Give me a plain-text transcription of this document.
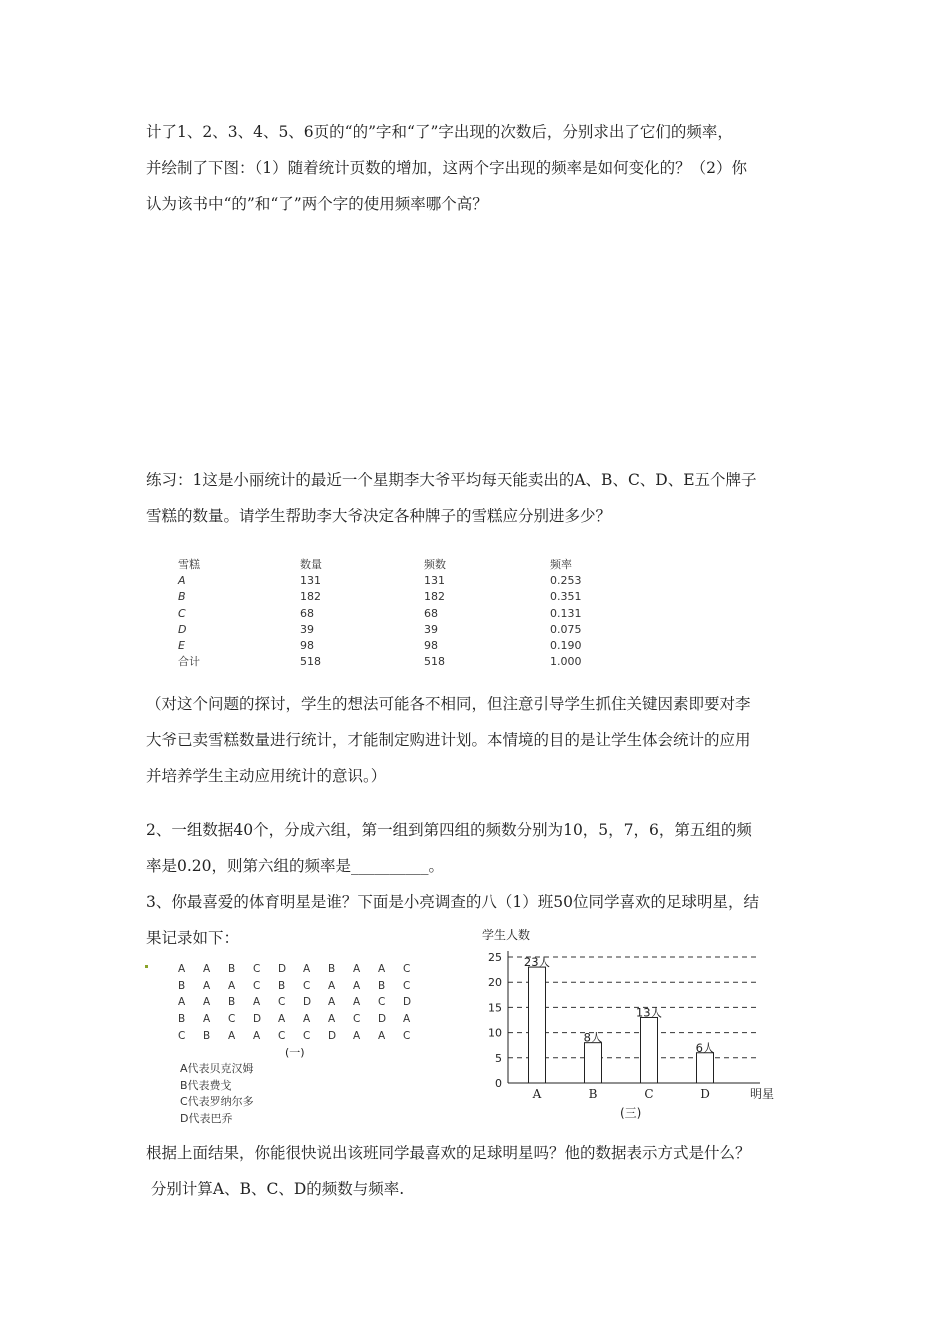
计了1、2、3、4、5、6页的“的”字和“了”字出现的次数后，分别求出了它们的频率，
并绘制了下图：（1）随着统计页数的增加，这两个字出现的频率是如何变化的？（2）你
认为该书中“的”和“了”两个字的使用频率哪个高？
练习：1这是小丽统计的最近一个星期李大爷平均每天能卖出的A、B、C、D、E五个牌子
雪糕的数量。请学生帮助李大爷决定各种牌子的雪糕应分别进多少？
雪糕	数量	频数	频率
A	131	131	0.253
B	182	182	0.351
C	68	68	0.131
D	39	39	0.075
E	98	98	0.190
合计	518	518	1.000
（对这个问题的探讨，学生的想法可能各不相同，但注意引导学生抓住关键因素即要对李
大爷已卖雪糕数量进行统计，才能制定购进计划。本情境的目的是让学生体会统计的应用
并培养学生主动应用统计的意识。）
2、一组数据40个，分成六组，第一组到第四组的频数分别为10，5，7，6，第五组的频
率是0.20，则第六组的频率是__________。
3、你最喜爱的体育明星是谁？下面是小亮调查的八（1）班50位同学喜欢的足球明星，结
果记录如下：
A	A	B	C	D	A	B	A	A	C
B	A	A	C	B	C	A	A	B	C
A	A	B	A	C	D	A	A	C	D
B	A	C	D	A	A	A	C	D	A
C	B	A	A	C	C	D	A	A	C
(一)
A代表贝克汉姆
B代表费戈
C代表罗纳尔多
D代表巴乔
学生人数
0
5
10
15
20
25 23人
A
8人
B
13人
C
6人
D	明星
(三)
根据上面结果，你能很快说出该班同学最喜欢的足球明星吗？他的数据表示方式是什么？
分别计算A、B、C、D的频数与频率.
